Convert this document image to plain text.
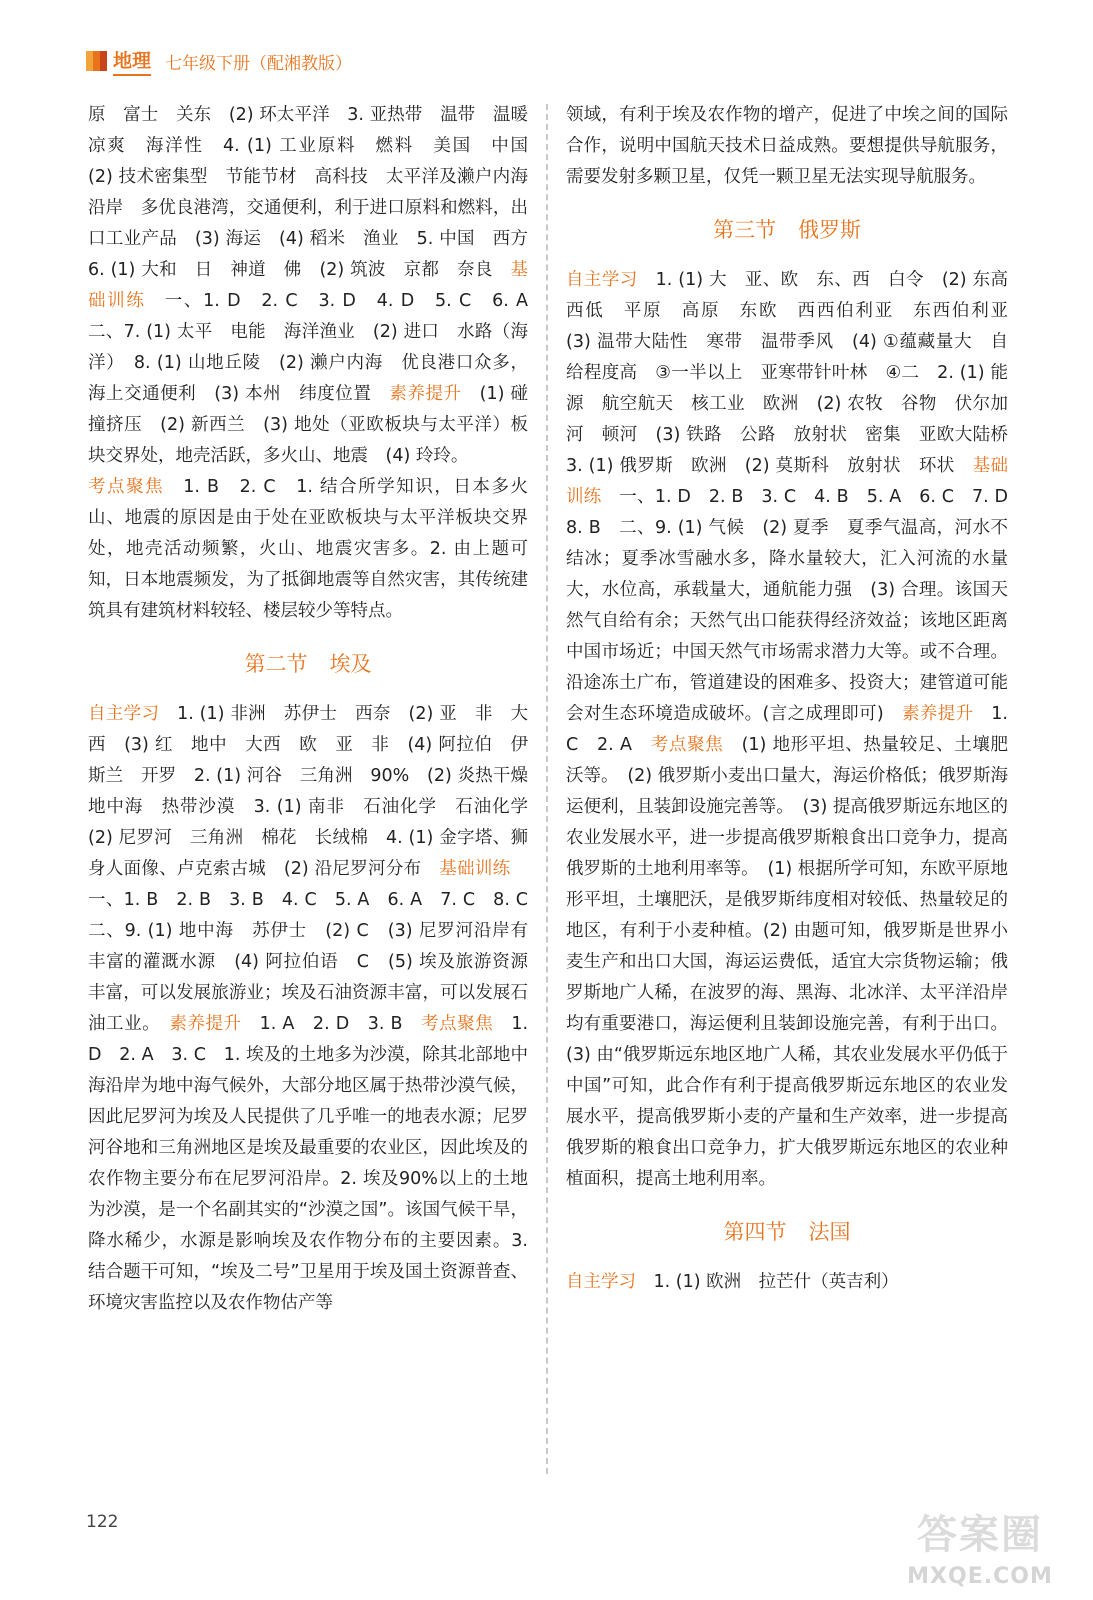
地理 七年级下册（配湘教版）

原　富士　关东　(2) 环太平洋　3. 亚热带　温带　温暖　凉爽　海洋性　4. (1) 工业原料　燃料　美国　中国　(2) 技术密集型　节能节材　高科技　太平洋及濑户内海沿岸　多优良港湾，交通便利，利于进口原料和燃料，出口工业产品　(3) 海运　(4) 稻米　渔业　5. 中国　西方　6. (1) 大和　日　神道　佛　(2) 筑波　京都　奈良　基础训练　一、1. D　2. C　3. D　4. D　5. C　6. A　二、7. (1) 太平　电能　海洋渔业　(2) 进口　水路（海洋）　8. (1) 山地丘陵　(2) 濑户内海　优良港口众多，海上交通便利　(3) 本州　纬度位置　素养提升　(1) 碰撞挤压　(2) 新西兰　(3) 地处（亚欧板块与太平洋）板块交界处，地壳活跃，多火山、地震　(4) 玲玲。

考点聚焦　1. B　2. C　1. 结合所学知识，日本多火山、地震的原因是由于处在亚欧板块与太平洋板块交界处，地壳活动频繁，火山、地震灾害多。2. 由上题可知，日本地震频发，为了抵御地震等自然灾害，其传统建筑具有建筑材料较轻、楼层较少等特点。

第二节 埃及

自主学习　1. (1) 非洲　苏伊士　西奈　(2) 亚　非　大西　(3) 红　地中　大西　欧　亚　非　(4) 阿拉伯　伊斯兰　开罗　2. (1) 河谷　三角洲　90%　(2) 炎热干燥　地中海　热带沙漠　3. (1) 南非　石油化学　石油化学　(2) 尼罗河　三角洲　棉花　长绒棉　4. (1) 金字塔、狮身人面像、卢克索古城　(2) 沿尼罗河分布　基础训练　一、1. B　2. B　3. B　4. C　5. A　6. A　7. C　8. C　二、9. (1) 地中海　苏伊士　(2) C　(3) 尼罗河沿岸有丰富的灌溉水源　(4) 阿拉伯语　C　(5) 埃及旅游资源丰富，可以发展旅游业；埃及石油资源丰富，可以发展石油工业。　素养提升　1. A　2. D　3. B　考点聚焦　1. D　2. A　3. C　1. 埃及的土地多为沙漠，除其北部地中海沿岸为地中海气候外，大部分地区属于热带沙漠气候，因此尼罗河为埃及人民提供了几乎唯一的地表水源；尼罗河谷地和三角洲地区是埃及最重要的农业区，因此埃及的农作物主要分布在尼罗河沿岸。2. 埃及90%以上的土地为沙漠，是一个名副其实的“沙漠之国”。该国气候干旱，降水稀少，水源是影响埃及农作物分布的主要因素。3. 结合题干可知，“埃及二号”卫星用于埃及国土资源普查、环境灾害监控以及农作物估产等

领域，有利于埃及农作物的增产，促进了中埃之间的国际合作，说明中国航天技术日益成熟。要想提供导航服务，需要发射多颗卫星，仅凭一颗卫星无法实现导航服务。

第三节 俄罗斯

自主学习　1. (1) 大　亚、欧　东、西　白令　(2) 东高西低　平原　高原　东欧　西西伯利亚　东西伯利亚　(3) 温带大陆性　寒带　温带季风　(4) ①蕴藏量大　自给程度高　③一半以上　亚寒带针叶林　④二　2. (1) 能源　航空航天　核工业　欧洲　(2) 农牧　谷物　伏尔加河　顿河　(3) 铁路　公路　放射状　密集　亚欧大陆桥　3. (1) 俄罗斯　欧洲　(2) 莫斯科　放射状　环状　基础训练　一、1. D　2. B　3. C　4. B　5. A　6. C　7. D　8. B　二、9. (1) 气候　(2) 夏季　夏季气温高，河水不结冰；夏季冰雪融水多，降水量较大，汇入河流的水量大，水位高，承载量大，通航能力强　(3) 合理。该国天然气自给有余；天然气出口能获得经济效益；该地区距离中国市场近；中国天然气市场需求潜力大等。或不合理。沿途冻土广布，管道建设的困难多、投资大；建管道可能会对生态环境造成破坏。(言之成理即可)　素养提升　1. C　2. A　考点聚焦　(1) 地形平坦、热量较足、土壤肥沃等。　(2) 俄罗斯小麦出口量大，海运价格低；俄罗斯海运便利，且装卸设施完善等。　(3) 提高俄罗斯远东地区的农业发展水平，进一步提高俄罗斯粮食出口竞争力，提高俄罗斯的土地利用率等。　(1) 根据所学可知，东欧平原地形平坦，土壤肥沃，是俄罗斯纬度相对较低、热量较足的地区，有利于小麦种植。(2) 由题可知，俄罗斯是世界小麦生产和出口大国，海运运费低，适宜大宗货物运输；俄罗斯地广人稀，在波罗的海、黑海、北冰洋、太平洋沿岸均有重要港口，海运便利且装卸设施完善，有利于出口。(3) 由“俄罗斯远东地区地广人稀，其农业发展水平仍低于中国”可知，此合作有利于提高俄罗斯远东地区的农业发展水平，提高俄罗斯小麦的产量和生产效率，进一步提高俄罗斯的粮食出口竞争力，扩大俄罗斯远东地区的农业种植面积，提高土地利用率。

第四节 法国

自主学习　1. (1) 欧洲　拉芒什（英吉利）

122	答案圈
MXQE.COM
